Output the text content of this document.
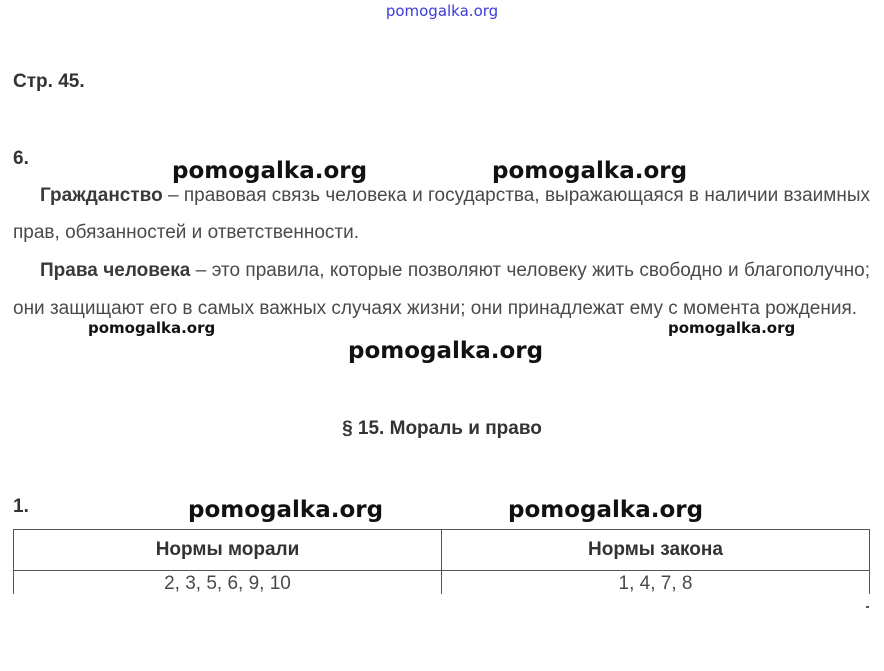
pomogalka.org
Стр. 45.
6.

Гражданство – правовая связь человека и государства, выражающаяся в наличии взаимных прав, обязанностей и ответственности.

Права человека – это правила, которые позволяют человеку жить свободно и благополучно; они защищают его в самых важных случаях жизни; они принадлежат ему с момента рождения.

§ 15. Мораль и право
1.
Нормы морали	Нормы закона
2, 3, 5, 6, 9, 10	1, 4, 7, 8
pomogalka.org	pomogalka.org
pomogalka.org	pomogalka.org
pomogalka.org
pomogalka.org	pomogalka.org
